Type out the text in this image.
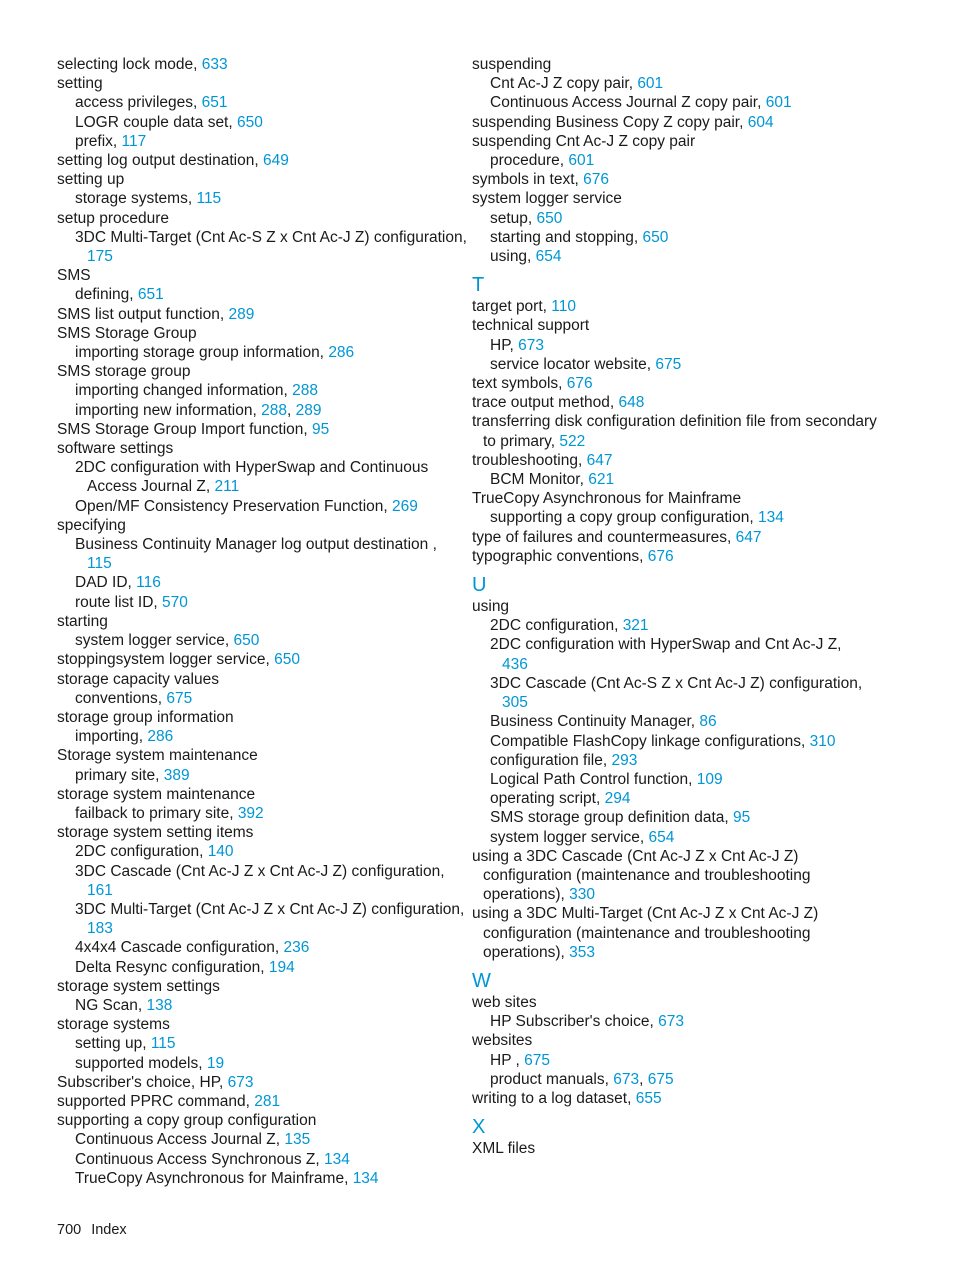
selecting lock mode, 633
setting
access privileges, 651
LOGR couple data set, 650
prefix, 117
setting log output destination, 649
setting up
storage systems, 115
setup procedure
3DC Multi-Target (Cnt Ac-S Z x Cnt Ac-J Z) configuration,
175
SMS
defining, 651
SMS list output function, 289
SMS Storage Group
importing storage group information, 286
SMS storage group
importing changed information, 288
importing new information, 288, 289
SMS Storage Group Import function, 95
software settings
2DC configuration with HyperSwap and Continuous
Access Journal Z, 211
Open/MF Consistency Preservation Function, 269
specifying
Business Continuity Manager log output destination ,
115
DAD ID, 116
route list ID, 570
starting
system logger service, 650
stoppingsystem logger service, 650
storage capacity values
conventions, 675
storage group information
importing, 286
Storage system maintenance
primary site, 389
storage system maintenance
failback to primary site, 392
storage system setting items
2DC configuration, 140
3DC Cascade (Cnt Ac-J Z x Cnt Ac-J Z) configuration,
161
3DC Multi-Target (Cnt Ac-J Z x Cnt Ac-J Z) configuration,
183
4x4x4 Cascade configuration, 236
Delta Resync configuration, 194
storage system settings
NG Scan, 138
storage systems
setting up, 115
supported models, 19
Subscriber's choice, HP, 673
supported PPRC command, 281
supporting a copy group configuration
Continuous Access Journal Z, 135
Continuous Access Synchronous Z, 134
TrueCopy Asynchronous for Mainframe, 134
suspending
Cnt Ac-J Z copy pair, 601
Continuous Access Journal Z copy pair, 601
suspending Business Copy Z copy pair, 604
suspending Cnt Ac-J Z copy pair
procedure, 601
symbols in text, 676
system logger service
setup, 650
starting and stopping, 650
using, 654
T
target port, 110
technical support
HP, 673
service locator website, 675
text symbols, 676
trace output method, 648
transferring disk configuration definition file from secondary
to primary, 522
troubleshooting, 647
BCM Monitor, 621
TrueCopy Asynchronous for Mainframe
supporting a copy group configuration, 134
type of failures and countermeasures, 647
typographic conventions, 676
U
using
2DC configuration, 321
2DC configuration with HyperSwap and Cnt Ac-J Z,
436
3DC Cascade (Cnt Ac-S Z x Cnt Ac-J Z) configuration,
305
Business Continuity Manager, 86
Compatible FlashCopy linkage configurations, 310
configuration file, 293
Logical Path Control function, 109
operating script, 294
SMS storage group definition data, 95
system logger service, 654
using a 3DC Cascade (Cnt Ac-J Z x Cnt Ac-J Z)
configuration (maintenance and troubleshooting
operations), 330
using a 3DC Multi-Target (Cnt Ac-J Z x Cnt Ac-J Z)
configuration (maintenance and troubleshooting
operations), 353
W
web sites
HP Subscriber's choice, 673
websites
HP , 675
product manuals, 673, 675
writing to a log dataset, 655
X
XML files
700 Index
